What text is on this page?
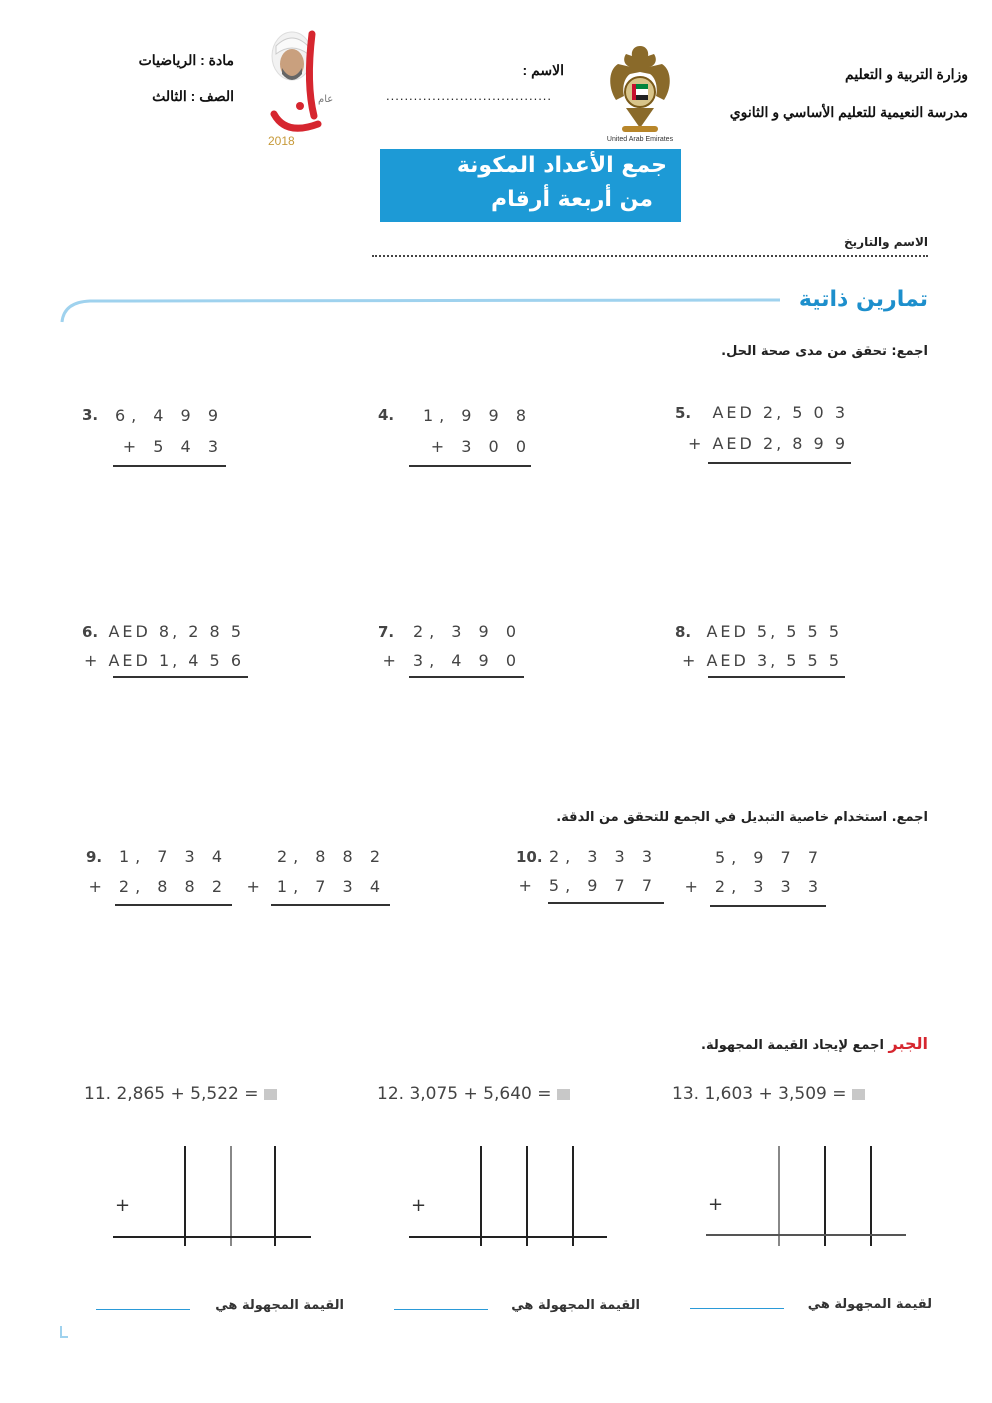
وزارة التربية و التعليم
مدرسة النعيمية للتعليم الأساسي و الثانوي
United Arab Emirates
الاسم :
....................................
عام
2018
مادة : الرياضيات
الصف : الثالث
جمع الأعداد المكونة
من أربعة أرقام
الاسم والتاريخ
تمارين ذاتية
اجمع: تحقق من مدى صحة الحل.
3. 6, 4 9 9
+ 5 4 3
4. 1, 9 9 8
+ 3 0 0
5. AED 2, 5 0 3
+ AED 2, 8 9 9
6. AED 8, 2 8 5
+ AED 1, 4 5 6
7. 2, 3 9 0
+ 3, 4 9 0
8. AED 5, 5 5 5
+ AED 3, 5 5 5
اجمع. استخدام خاصية التبديل في الجمع للتحقق من الدقة.
9. 1, 7 3 4
+ 2, 8 8 2
2, 8 8 2
+ 1, 7 3 4
10. 2, 3 3 3
+ 5, 9 7 7
5, 9 7 7
+ 2, 3 3 3
الجبر اجمع لإيجاد القيمة المجهولة.
11. 2,865 + 5,522 =
+
12. 3,075 + 5,640 =
+
13. 1,603 + 3,509 =
+
القيمة المجهولة هي	القيمة المجهولة هي	لقيمة المجهولة هي
